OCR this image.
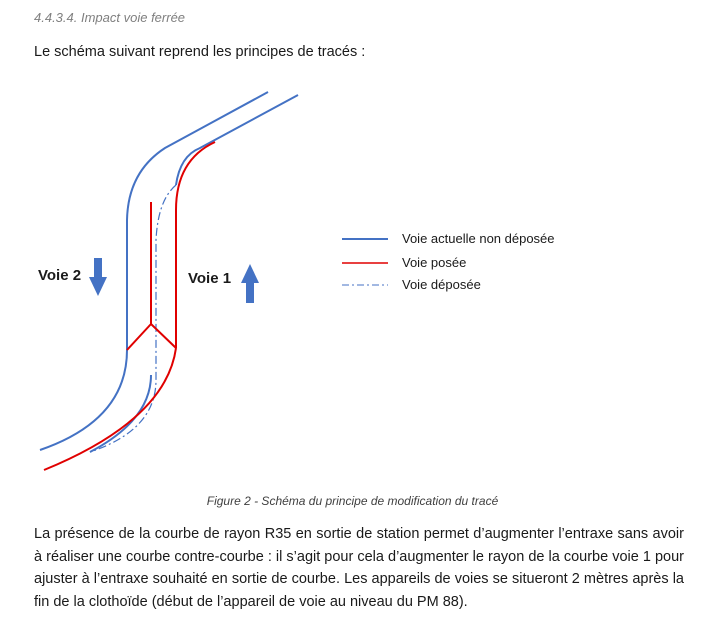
4.4.3.4. Impact voie ferrée
Le schéma suivant reprend les principes de tracés :
Voie 2	Voie 1
Voie actuelle non déposée
Voie posée
Voie déposée
Figure 2 - Schéma du principe de modification du tracé
La présence de la courbe de rayon R35 en sortie de station permet d’augmenter l’entraxe sans avoir à réaliser une courbe contre-courbe : il s’agit pour cela d’augmenter le rayon de la courbe voie 1 pour ajuster à l’entraxe souhaité en sortie de courbe. Les appareils de voies se situeront 2 mètres après la fin de la clothoïde (début de l’appareil de voie au niveau du PM 88).
